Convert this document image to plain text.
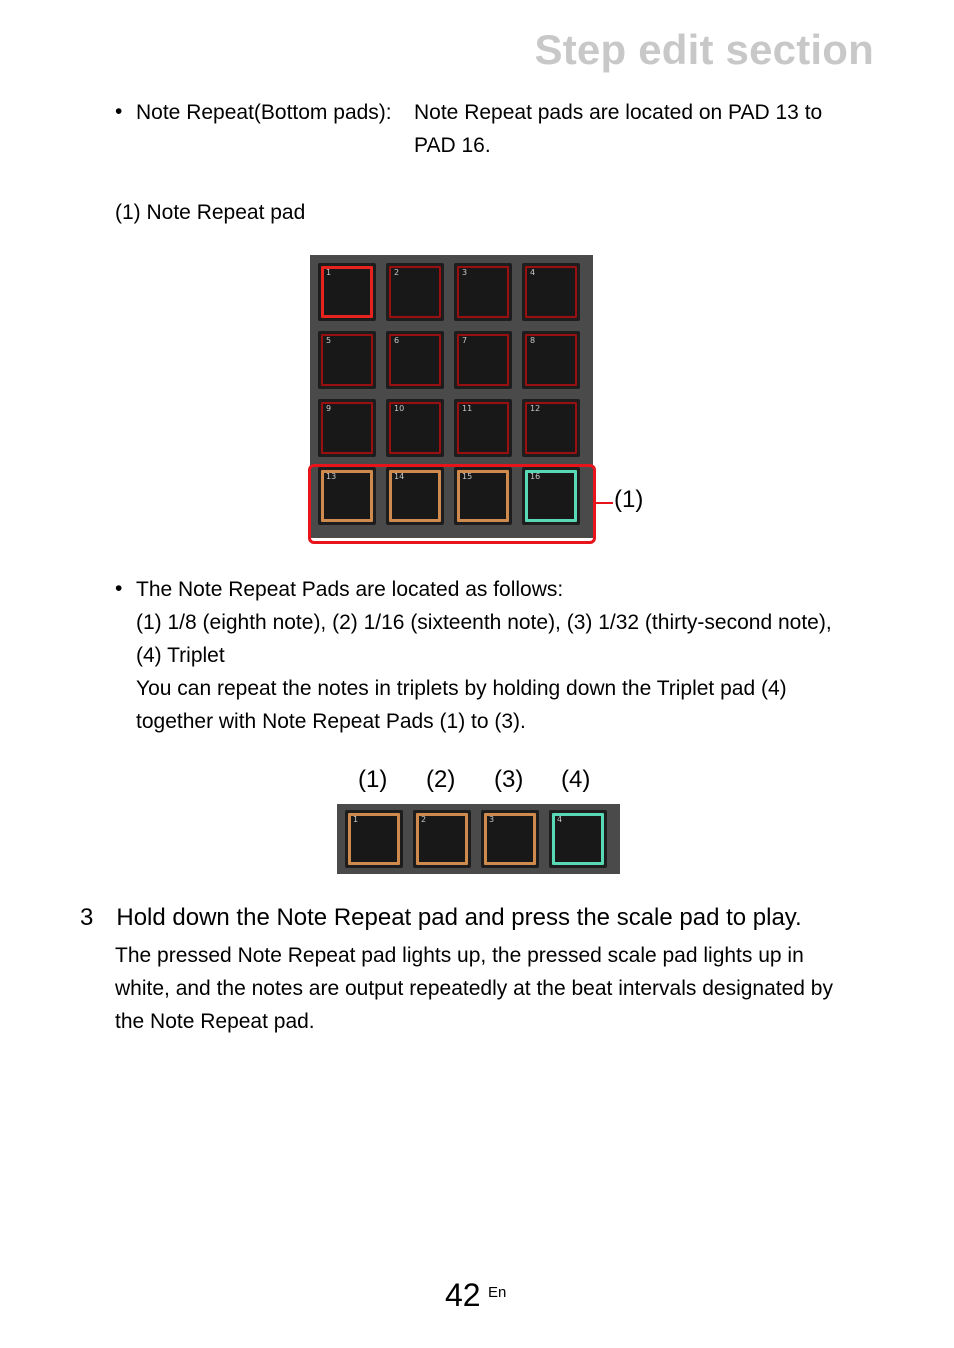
Step edit section
• Note Repeat(Bottom pads): Note Repeat pads are located on PAD 13 to
PAD 16.
(1) Note Repeat pad
1	2	3	4
5	6	7	8
9	10	11	12
13	14	15	16
(1)
• The Note Repeat Pads are located as follows:
(1) 1/8 (eighth note), (2) 1/16 (sixteenth note), (3) 1/32 (thirty-second note),
(4) Triplet
You can repeat the notes in triplets by holding down the Triplet pad (4)
together with Note Repeat Pads (1) to (3).
(1) (2) (3) (4)
1	2	3	4
3 Hold down the Note Repeat pad and press the scale pad to play.
The pressed Note Repeat pad lights up, the pressed scale pad lights up in
white, and the notes are output repeatedly at the beat intervals designated by
the Note Repeat pad.
42 En
